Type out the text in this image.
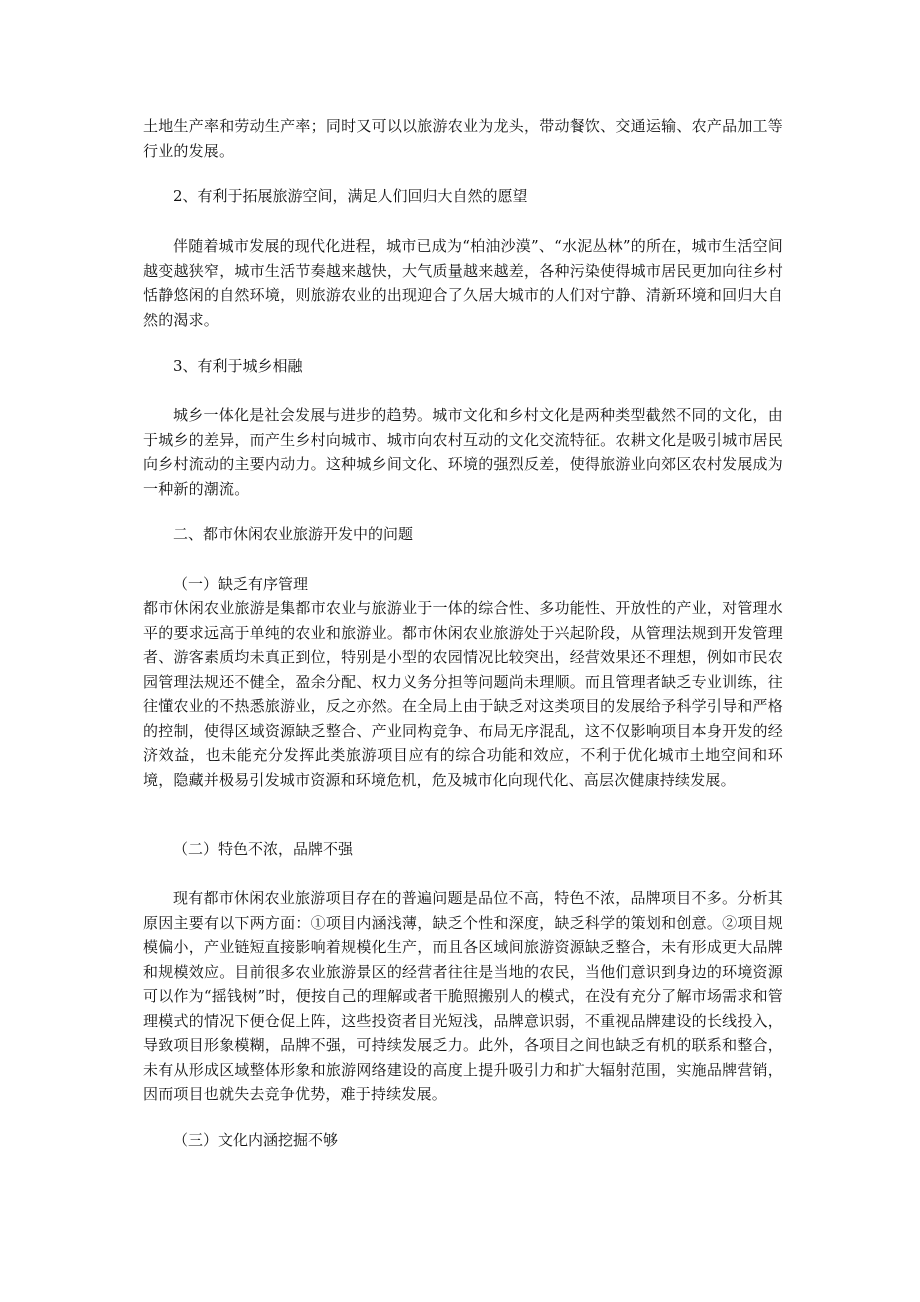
土地生产率和劳动生产率；同时又可以以旅游农业为龙头，带动餐饮、交通运输、农产品加工等行业的发展。

2、有利于拓展旅游空间，满足人们回归大自然的愿望

伴随着城市发展的现代化进程，城市已成为“柏油沙漠”、“水泥丛林”的所在，城市生活空间越变越狭窄，城市生活节奏越来越快，大气质量越来越差，各种污染使得城市居民更加向往乡村恬静悠闲的自然环境，则旅游农业的出现迎合了久居大城市的人们对宁静、清新环境和回归大自然的渴求。

3、有利于城乡相融

城乡一体化是社会发展与进步的趋势。城市文化和乡村文化是两种类型截然不同的文化，由于城乡的差异，而产生乡村向城市、城市向农村互动的文化交流特征。农耕文化是吸引城市居民向乡村流动的主要内动力。这种城乡间文化、环境的强烈反差，使得旅游业向郊区农村发展成为一种新的潮流。

二、都市休闲农业旅游开发中的问题

（一）缺乏有序管理

都市休闲农业旅游是集都市农业与旅游业于一体的综合性、多功能性、开放性的产业，对管理水平的要求远高于单纯的农业和旅游业。都市休闲农业旅游处于兴起阶段，从管理法规到开发管理者、游客素质均未真正到位，特别是小型的农园情况比较突出，经营效果还不理想，例如市民农园管理法规还不健全，盈余分配、权力义务分担等问题尚未理顺。而且管理者缺乏专业训练，往往懂农业的不热悉旅游业，反之亦然。在全局上由于缺乏对这类项目的发展给予科学引导和严格的控制，使得区域资源缺乏整合、产业同构竞争、布局无序混乱，这不仅影响项目本身开发的经济效益，也未能充分发挥此类旅游项目应有的综合功能和效应，不利于优化城市土地空间和环境，隐藏并极易引发城市资源和环境危机，危及城市化向现代化、高层次健康持续发展。

（二）特色不浓，品牌不强

现有都市休闲农业旅游项目存在的普遍问题是品位不高，特色不浓，品牌项目不多。分析其原因主要有以下两方面：①项目内涵浅薄，缺乏个性和深度，缺乏科学的策划和创意。②项目规模偏小，产业链短直接影响着规模化生产，而且各区域间旅游资源缺乏整合，未有形成更大品牌和规模效应。目前很多农业旅游景区的经营者往往是当地的农民，当他们意识到身边的环境资源可以作为“摇钱树”时，便按自己的理解或者干脆照搬别人的模式，在没有充分了解市场需求和管理模式的情况下便仓促上阵，这些投资者目光短浅，品牌意识弱，不重视品牌建设的长线投入，导致项目形象模糊，品牌不强，可持续发展乏力。此外，各项目之间也缺乏有机的联系和整合，未有从形成区域整体形象和旅游网络建设的高度上提升吸引力和扩大辐射范围，实施品牌营销，因而项目也就失去竞争优势，难于持续发展。

（三）文化内涵挖掘不够
